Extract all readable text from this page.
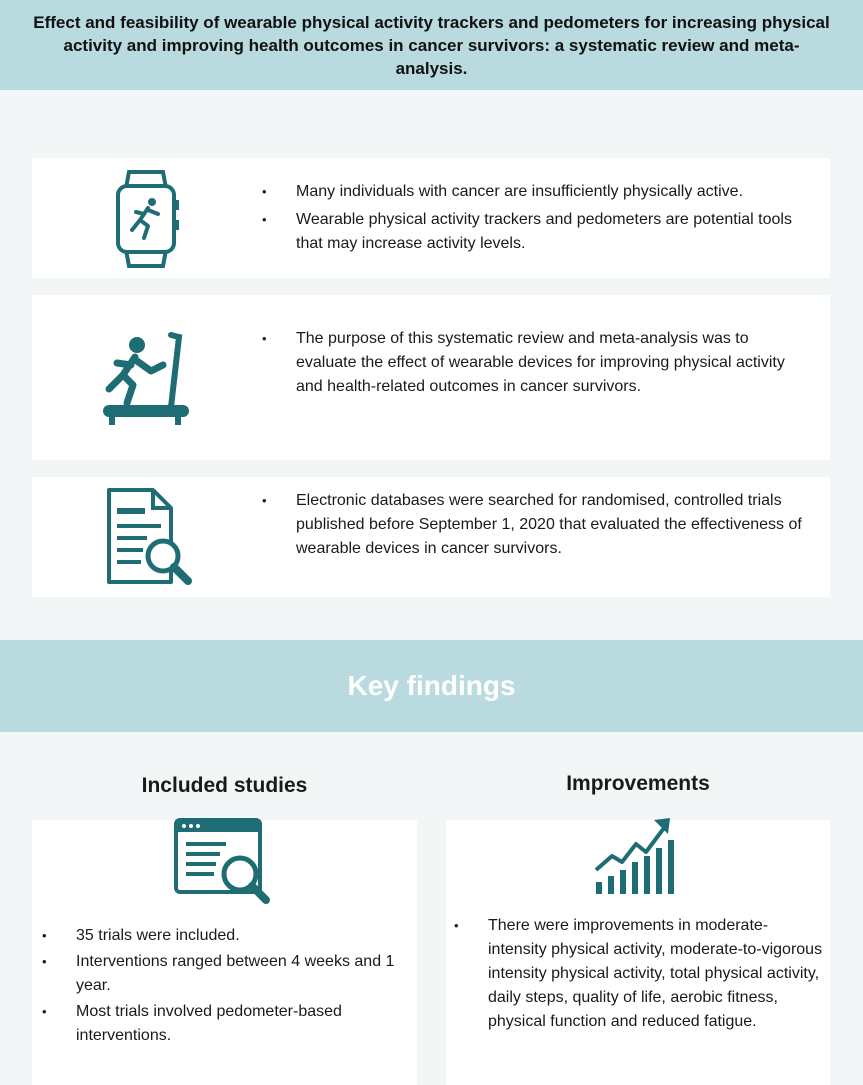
Effect and feasibility of wearable physical activity trackers and pedometers for increasing physical activity and improving health outcomes in cancer survivors: a systematic review and meta-analysis.
• Many individuals with cancer are insufficiently physically active.
• Wearable physical activity trackers and pedometers are potential tools that may increase activity levels.
• The purpose of this systematic review and meta-analysis was to evaluate the effect of wearable devices for improving physical activity and health-related outcomes in cancer survivors.
• Electronic databases were searched for randomised, controlled trials published before September 1, 2020 that evaluated the effectiveness of wearable devices in cancer survivors.
Key findings
Included studies
• 35 trials were included.
• Interventions ranged between 4 weeks and 1 year.
• Most trials involved pedometer-based interventions.
Improvements
• There were improvements in moderate-intensity physical activity, moderate-to-vigorous intensity physical activity, total physical activity, daily steps, quality of life, aerobic fitness, physical function and reduced fatigue.
